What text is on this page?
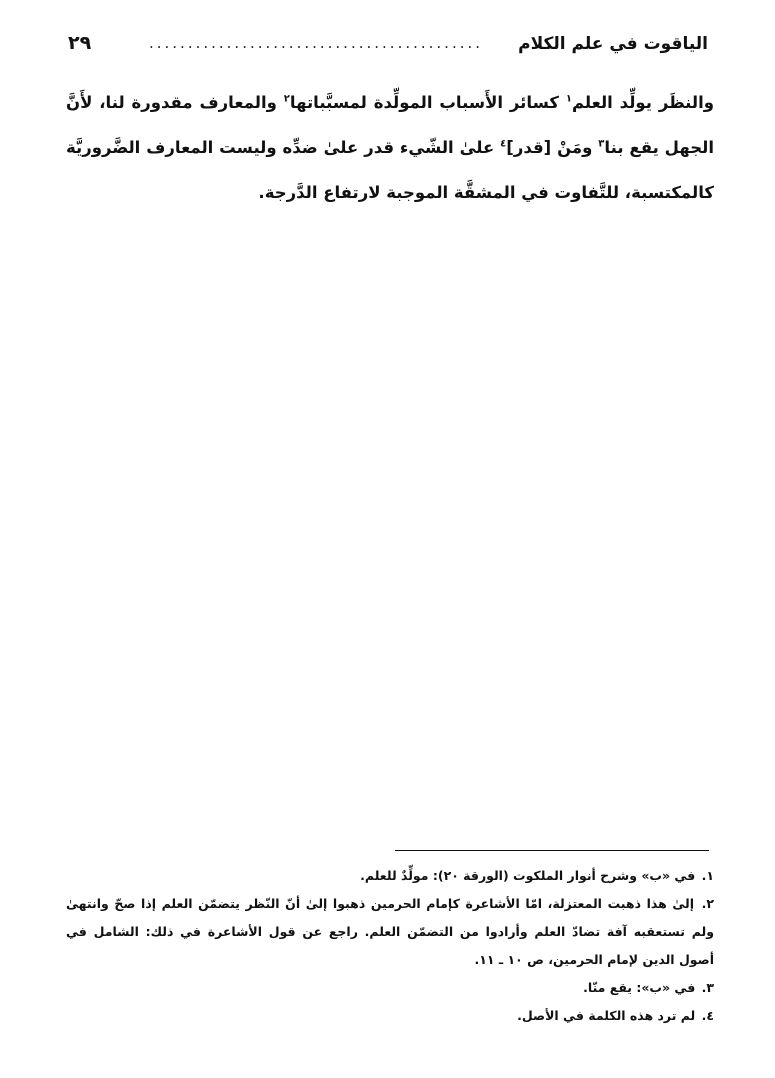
الياقوت في علم الكلام
...........................................
٢٩
والنظَر يولِّد العلم$^١$ كسائر الأَسباب المولِّدة لمسبَّباتها$^٢$ والمعارف مقدورة لنا، لأَنَّ الجهل يقع بنا$^٣$ ومَنْ [قدر]$^٤$ علىٰ الشّيء قدر علىٰ ضدِّه وليست المعارف الضَّروريَّة كالمكتسبة، للتَّفاوت في المشقَّة الموجبة لارتفاع الدَّرجة.

١. في «ب» وشرح أنوار الملكوت (الورقة ٢٠): مولِّدٌ للعلم.

٢. إلىٰ هذا ذهبت المعتزلة، امّا الأشاعرة كإمام الحرمين ذهبوا إلىٰ أنّ النّظر يتضمّن العلم إذا صحّ وانتهىٰ ولم تستعقبه آفة تضادّ العلم وأرادوا من التضمّن العلم. راجع عن قول الأشاعرة في ذلك: الشامل في أصول الدين لإمام الحرمين، ص ١٠ ـ ١١.

٣. في «ب»: يقع منّا.

٤. لم ترد هذه الكلمة في الأصل.
